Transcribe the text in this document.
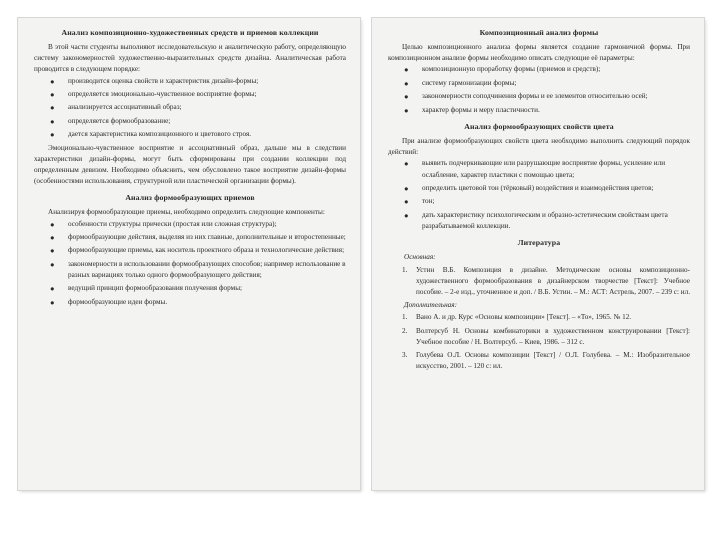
Анализ композиционно-художественных средств и приемов коллекции

В этой части студенты выполняют исследовательскую и аналитическую работу, определяющую систему закономерностей художественно-выразительных средств дизайна. Аналитическая работа проводится в следующем порядке:

● производится оценка свойств и характеристик дизайн-формы;
● определяется эмоционально-чувственное восприятие формы;
● анализируется ассоциативный образ;
● определяется формообразование;
● дается характеристика композиционного и цветового строя.

Эмоционально-чувственное восприятие и ассоциативный образ, дальше мы в следствии характеристики дизайн-формы, могут быть сформированы при создании коллекции под определенным девизом. Необходимо объяснить, чем обусловлено такое восприятие дизайн-формы (особенностями использования, структурной или пластической организации формы).

Анализ формообразующих приемов

Анализируя формообразующие приемы, необходимо определить следующие компоненты:

● особенности структуры прически (простая или сложная структура);
● формообразующие действия, выделяя из них главные, дополнительные и второстепенные;
● формообразующие приемы, как носитель проектного образа и технологические действия;
● закономерности в использовании формообразующих способов; например использование в разных вариациях только одного формообразующего действия;
● ведущий принцип формообразования получения формы;
● формообразующие идеи формы.
Композиционный анализ формы

Целью композиционного анализа формы является создание гармоничной формы. При композиционном анализе формы необходимо описать следующие её параметры:

● композиционную проработку формы (приемов и средств);
● систему гармонизации формы;
● закономерности соподчинения формы и ее элементов относительно осей;
● характер формы и меру пластичности.
Анализ формообразующих свойств цвета

При анализе формообразующих свойств цвета необходимо выполнить следующий порядок действий:

● выявить подчеркивающие или разрушающие восприятие формы, усиление или ослабление, характер пластики с помощью цвета;
● определить цветовой тон (тёрковый) воздействия и взаимодействия цветов;
● тон;
● дать характеристику психологическим и образно-эстетическим свойствам цвета разрабатываемой коллекции.
Литература
Основная:
1. Устин В.Б. Композиция в дизайне. Методические основы композиционно-художественного формообразования в дизайнерском творчестве [Текст]: Учебное пособие. – 2-е изд., уточненное и доп. / В.Б. Устин. – М.: АСТ: Астрель, 2007. – 239 с: ил.
Дополнительная:
1. Вано А. и др. Курс «Основы композиции» [Текст]. – «То», 1965. № 12.
2. Волтерсуб Н. Основы комбинаторики в художественном конструировании [Текст]: Учебное пособие / Н. Волтерсуб. – Киев, 1986. – 312 с.
3. Голубева О.Л. Основы композиции [Текст] / О.Л. Голубева. – М.: Изобразительное искусство, 2001. – 120 с: ил.
